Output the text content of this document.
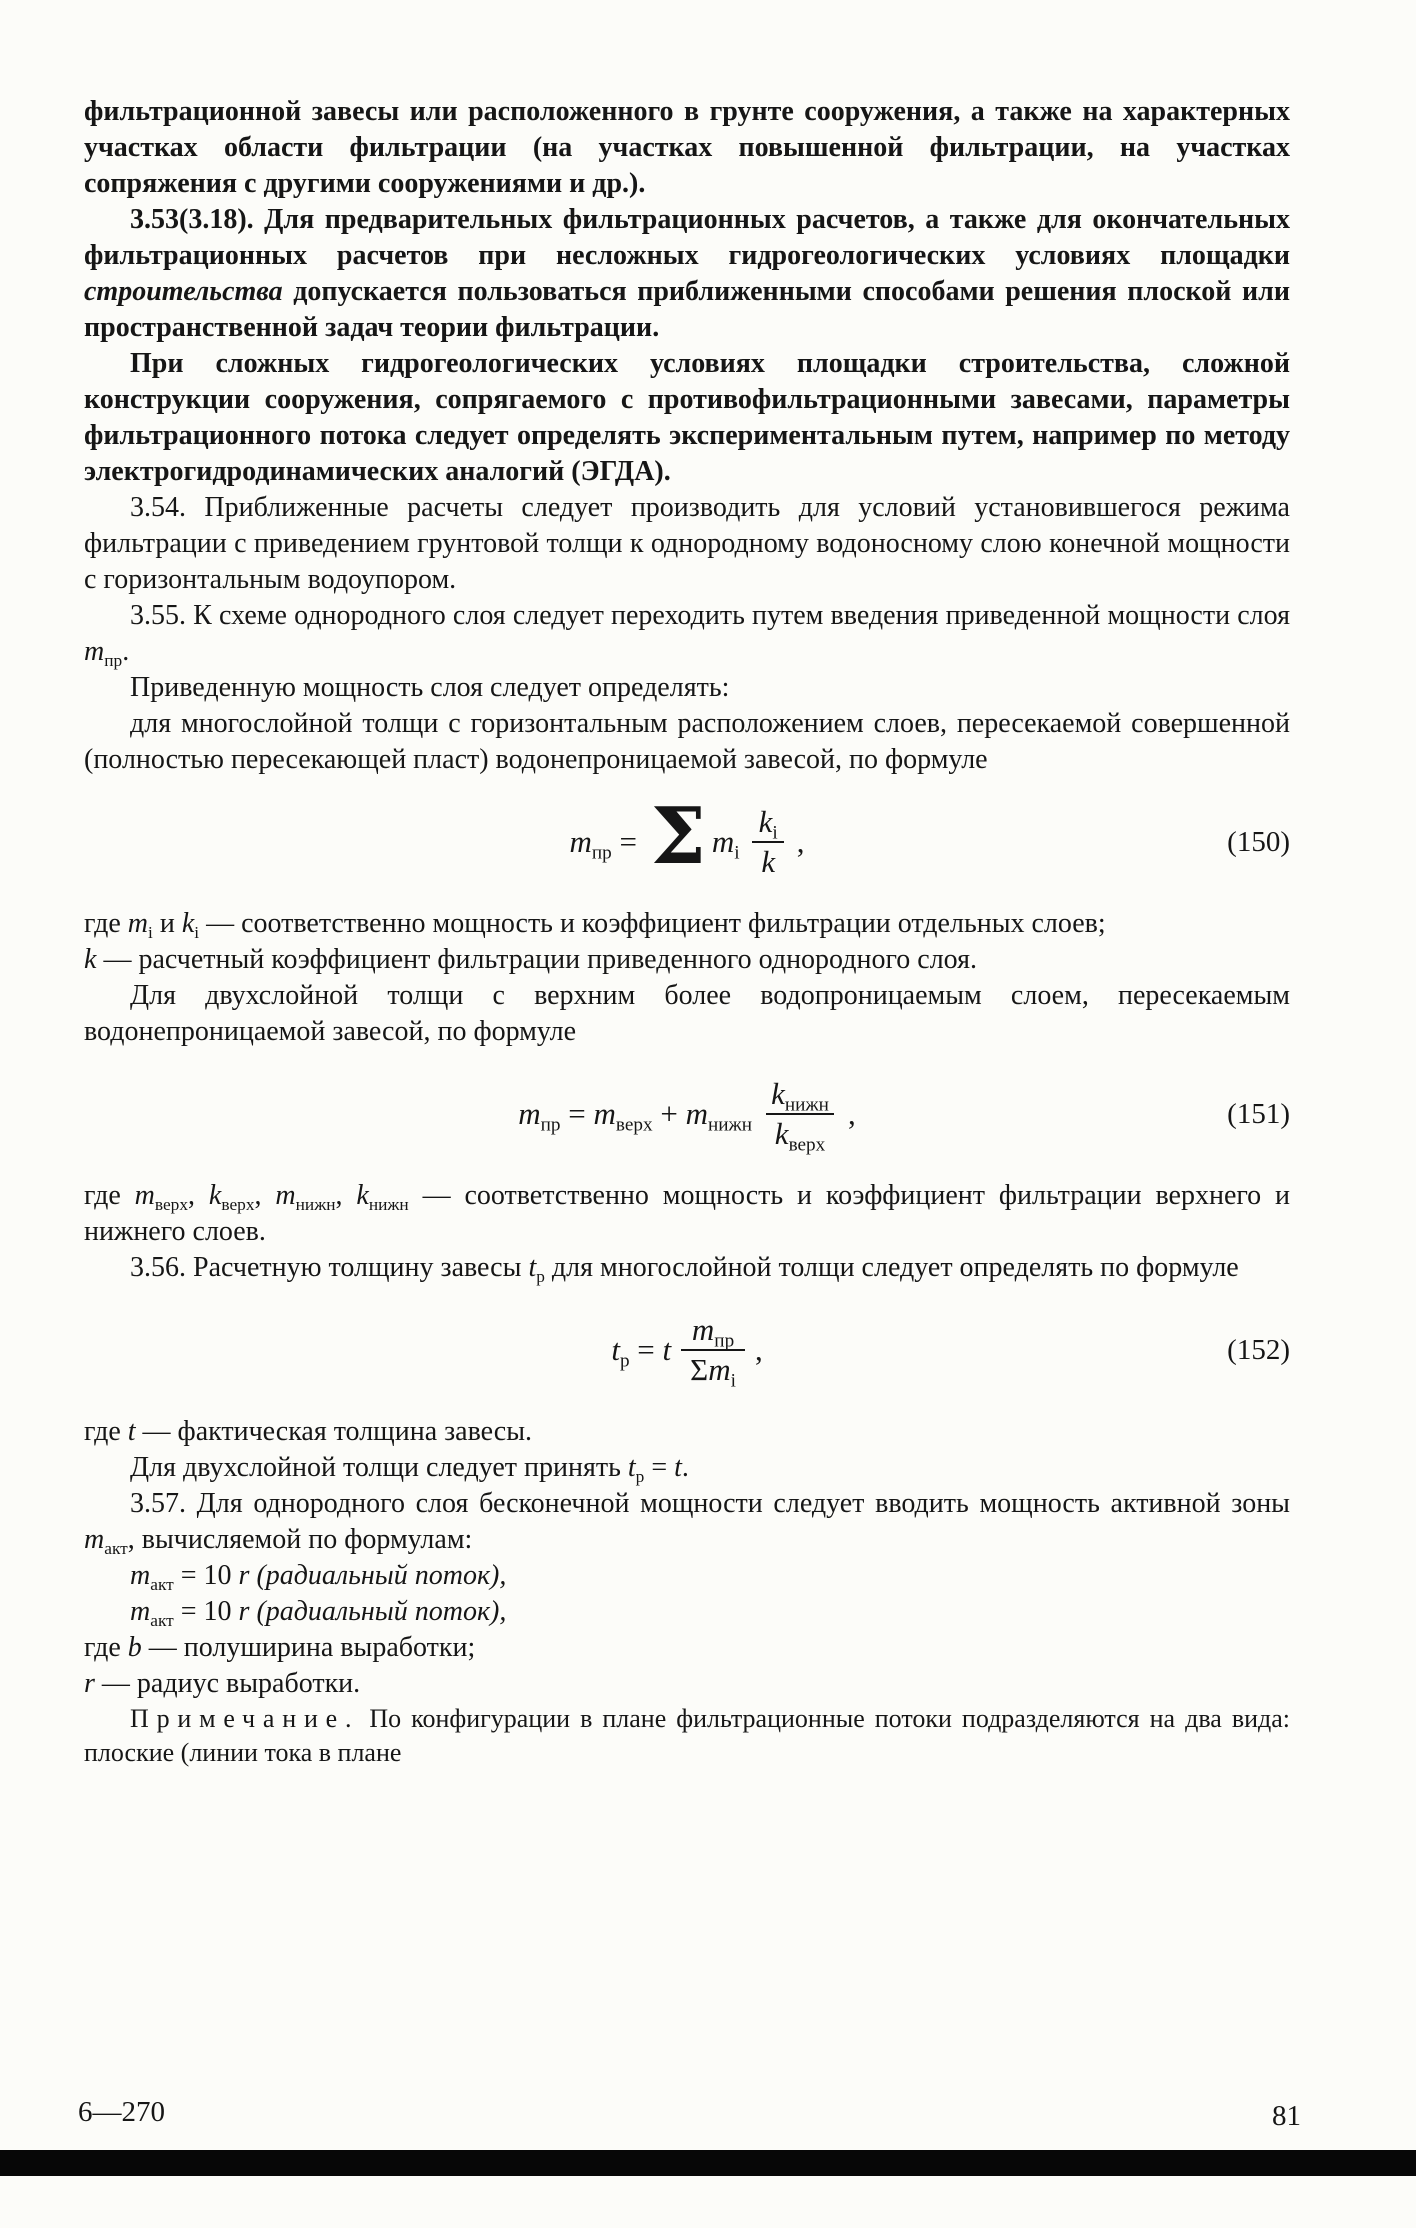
фильтрационной завесы или расположенного в грунте сооружения, а также на характерных участках области фильтрации (на участках повышенной фильтрации, на участках сопряжения с другими сооружениями и др.).

3.53(3.18). Для предварительных фильтрационных расчетов, а также для окончательных фильтрационных расчетов при несложных гидрогеологических условиях площадки строительства допускается пользоваться приближенными способами решения плоской или пространственной задач теории фильтрации.

При сложных гидрогеологических условиях площадки строительства, сложной конструкции сооружения, сопрягаемого с противофильтрационными завесами, параметры фильтрационного потока следует определять экспериментальным путем, например по методу электрогидродинамических аналогий (ЭГДА).

3.54. Приближенные расчеты следует производить для условий установившегося режима фильтрации с приведением грунтовой толщи к однородному водоносному слою конечной мощности с горизонтальным водоупором.

3.55. К схеме однородного слоя следует переходить путем введения приведенной мощности слоя $m_{пр}$.

Приведенную мощность слоя следует определять:

для многослойной толщи с горизонтальным расположением слоев, пересекаемой совершенной (полностью пересекающей пласт) водонепроницаемой завесой, по формуле

$m_{пр} = \Sigma$ $m_i \frac{k_i}{k}$ ,	(150)

где $m_i$ и $k_i$ — соответственно мощность и коэффициент фильтрации отдельных слоев;

k — расчетный коэффициент фильтрации приведенного однородного слоя.

Для двухслойной толщи с верхним более водопроницаемым слоем, пересекаемым водонепроницаемой завесой, по формуле

$m_{пр} = m_{верх} + m_{нижн} \frac{k_{нижн}}{k_{верх}}$ ,	(151)

где $m_{верх}$, $k_{верх}$, $m_{нижн}$, $k_{нижн}$ — соответственно мощность и коэффициент фильтрации верхнего и нижнего слоев.

3.56. Расчетную толщину завесы $t_р$ для многослойной толщи следует определять по формуле

$t_р = t \frac{m_{пр}}{\Sigma m_i}$ ,	(152)

где t — фактическая толщина завесы.

Для двухслойной толщи следует принять $t_р = t$.

3.57. Для однородного слоя бесконечной мощности следует вводить мощность активной зоны $m_{акт}$, вычисляемой по формулам:

$m_{акт} = 10$ r (радиальный поток),

$m_{акт} = 10$ r (радиальный поток),

где b — полуширина выработки;

r — радиус выработки.

Примечание. По конфигурации в плане фильтрационные потоки подразделяются на два вида: плоские (линии тока в плане

6—270	81
